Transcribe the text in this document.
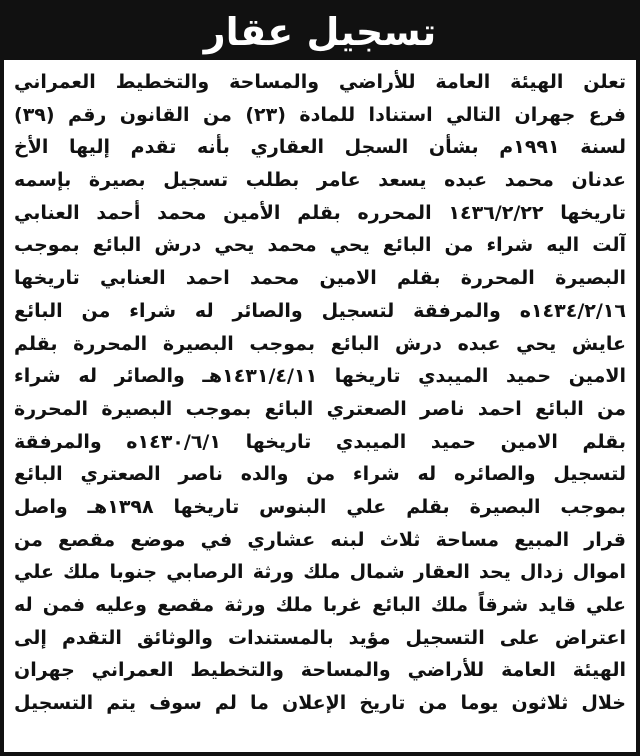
تسجيل عقار
تعلن الهيئة العامة للأراضي والمساحة والتخطيط العمراني
فرع جهران التالي استنادا للمادة (٢٣) من القانون رقم (٣٩)
لسنة ١٩٩١م بشأن السجل العقاري بأنه تقدم إليها الأخ
عدنان محمد عبده يسعد عامر بطلب تسجيل بصيرة بإسمه
تاريخها ١٤٣٦/٢/٢٢ المحرره بقلم الأمين محمد أحمد العنابي
آلت اليه شراء من البائع يحي محمد يحي درش البائع بموجب
البصيرة المحررة بقلم الامين محمد احمد العنابي تاريخها
١٤٣٤/٢/١٦ه والمرفقة لتسجيل والصائر له شراء من البائع
عايش يحي عبده درش البائع بموجب البصيرة المحررة بقلم
الامين حميد الميبدي تاريخها ١٤٣١/٤/١١هـ والصائر له شراء
من البائع احمد ناصر الصعتري البائع بموجب البصيرة المحررة
بقلم الامين حميد الميبدي تاريخها ١٤٣٠/٦/١ه والمرفقة
لتسجيل والصائره له شراء من والده ناصر الصعتري البائع
بموجب البصيرة بقلم علي البنوس تاريخها ١٣٩٨هـ واصل
قرار المبيع مساحة ثلاث لبنه عشاري في موضع مقصع من
اموال زدال يحد العقار شمال ملك ورثة الرصابي جنوبا ملك علي
علي قايد شرقاً ملك البائع غربا ملك ورثة مقصع وعليه فمن له
اعتراض على التسجيل مؤيد بالمستندات والوثائق التقدم إلى
الهيئة العامة للأراضي والمساحة والتخطيط العمراني جهران
خلال ثلاثون يوما من تاريخ الإعلان ما لم سوف يتم التسجيل
